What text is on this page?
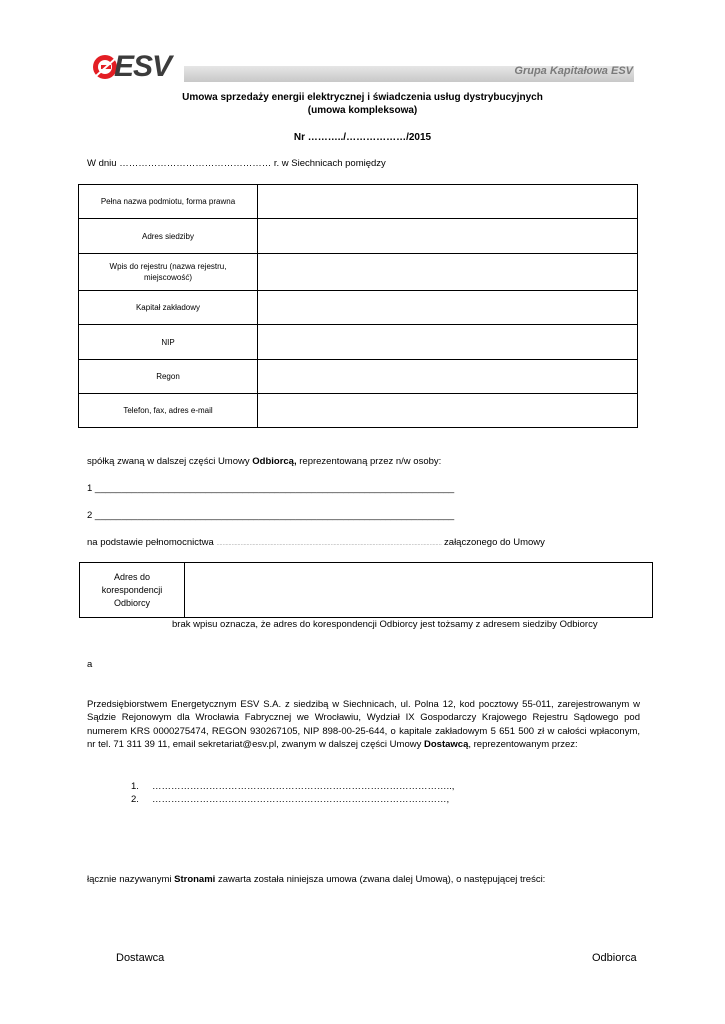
ESV	Grupa Kapitałowa ESV
Umowa sprzedaży energii elektrycznej i świadczenia usług dystrybucyjnych
(umowa kompleksowa)
Nr ………../………………/2015
W dniu ………………………………………… r. w Siechnicach pomiędzy
Pełna nazwa podmiotu, forma prawna	
Adres siedziby	
Wpis do rejestru (nazwa rejestru, miejscowość)	
Kapitał zakładowy	
NIP	
Regon	
Telefon, fax, adres e-mail	
spółką zwaną w dalszej części Umowy Odbiorcą, reprezentowaną przez n/w osoby:
1 ____________________________________________________________________
2 ____________________________________________________________________
na podstawie pełnomocnictwa …………………………………………………………………………………………………………………………………… załączonego do Umowy
Adres do korespondencji Odbiorcy	
brak wpisu oznacza, że adres do korespondencji Odbiorcy jest tożsamy z adresem siedziby Odbiorcy
a
Przedsiębiorstwem Energetycznym ESV S.A. z siedzibą w Siechnicach, ul. Polna 12, kod pocztowy 55-011, zarejestrowanym w Sądzie Rejonowym dla Wrocławia Fabrycznej we Wrocławiu, Wydział IX Gospodarczy Krajowego Rejestru Sądowego pod numerem KRS 0000275474, REGON 930267105, NIP 898-00-25-644, o kapitale zakładowym 5 651 500 zł w całości wpłaconym, nr tel. 71 311 39 11, email sekretariat@esv.pl, zwanym w dalszej części Umowy Dostawcą, reprezentowanym przez:
1. …………………………………………………………………………………..,
2. …………………………………………………………………………………,
łącznie nazywanymi Stronami zawarta została niniejsza umowa (zwana dalej Umową), o następującej treści:
Dostawca	Odbiorca
